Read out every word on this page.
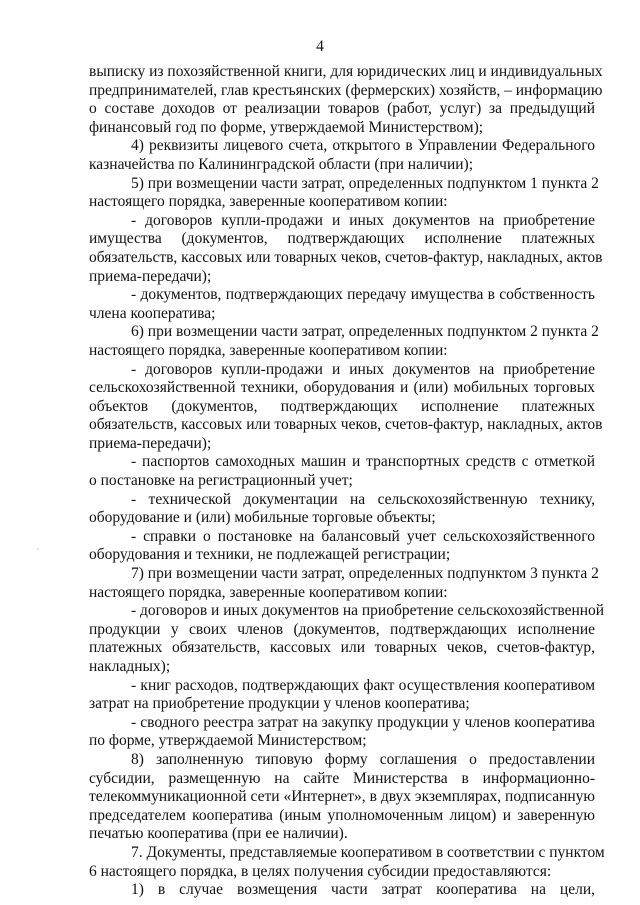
4
выписку из похозяйственной книги, для юридических лиц и индивидуальных
предпринимателей, глав крестьянских (фермерских) хозяйств, – информацию
о составе доходов от реализации товаров (работ, услуг) за предыдущий
финансовый год по форме, утверждаемой Министерством);
4) реквизиты лицевого счета, открытого в Управлении Федерального
казначейства по Калининградской области (при наличии);
5) при возмещении части затрат, определенных подпунктом 1 пункта 2
настоящего порядка, заверенные кооперативом копии:
- договоров купли-продажи и иных документов на приобретение
имущества (документов, подтверждающих исполнение платежных
обязательств, кассовых или товарных чеков, счетов-фактур, накладных, актов
приема-передачи);
- документов, подтверждающих передачу имущества в собственность
члена кооператива;
6) при возмещении части затрат, определенных подпунктом 2 пункта 2
настоящего порядка, заверенные кооперативом копии:
- договоров купли-продажи и иных документов на приобретение
сельскохозяйственной техники, оборудования и (или) мобильных торговых
объектов (документов, подтверждающих исполнение платежных
обязательств, кассовых или товарных чеков, счетов-фактур, накладных, актов
приема-передачи);
- паспортов самоходных машин и транспортных средств с отметкой
о постановке на регистрационный учет;
- технической документации на сельскохозяйственную технику,
оборудование и (или) мобильные торговые объекты;
- справки о постановке на балансовый учет сельскохозяйственного
оборудования и техники, не подлежащей регистрации;
7) при возмещении части затрат, определенных подпунктом 3 пункта 2
настоящего порядка, заверенные кооперативом копии:
- договоров и иных документов на приобретение сельскохозяйственной
продукции у своих членов (документов, подтверждающих исполнение
платежных обязательств, кассовых или товарных чеков, счетов-фактур,
накладных);
- книг расходов, подтверждающих факт осуществления кооперативом
затрат на приобретение продукции у членов кооператива;
- сводного реестра затрат на закупку продукции у членов кооператива
по форме, утверждаемой Министерством;
8) заполненную типовую форму соглашения о предоставлении
субсидии, размещенную на сайте Министерства в информационно-
телекоммуникационной сети «Интернет», в двух экземплярах, подписанную
председателем кооператива (иным уполномоченным лицом) и заверенную
печатью кооператива (при ее наличии).
7. Документы, представляемые кооперативом в соответствии с пунктом
6 настоящего порядка, в целях получения субсидии предоставляются:
1) в случае возмещения части затрат кооператива на цели,
